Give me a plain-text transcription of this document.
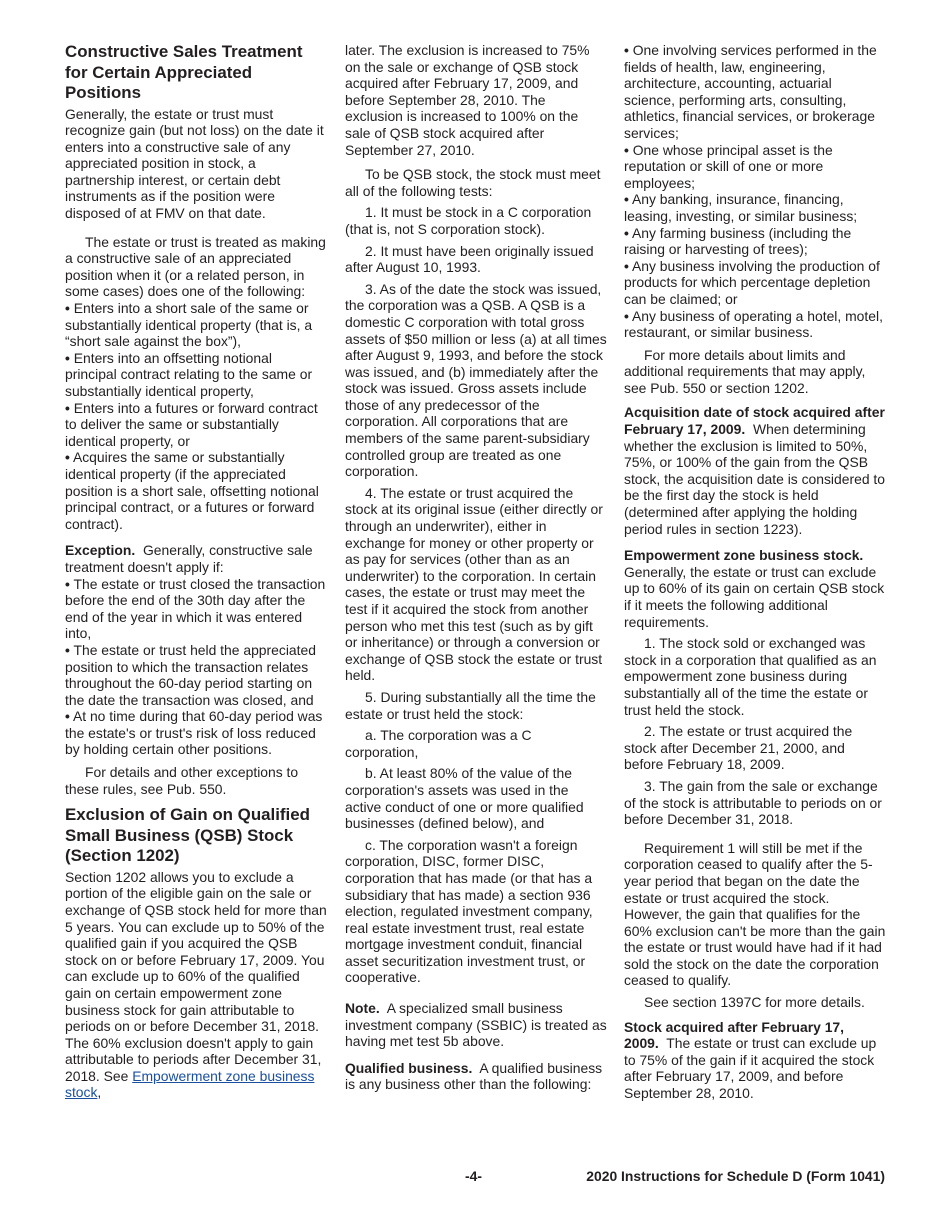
Constructive Sales Treatment for Certain Appreciated Positions

Generally, the estate or trust must recognize gain (but not loss) on the date it enters into a constructive sale of any appreciated position in stock, a partnership interest, or certain debt instruments as if the position were disposed of at FMV on that date.

The estate or trust is treated as making a constructive sale of an appreciated position when it (or a related person, in some cases) does one of the following:

• Enters into a short sale of the same or substantially identical property (that is, a “short sale against the box”),

• Enters into an offsetting notional principal contract relating to the same or substantially identical property,

• Enters into a futures or forward contract to deliver the same or substantially identical property, or

• Acquires the same or substantially identical property (if the appreciated position is a short sale, offsetting notional principal contract, or a futures or forward contract).

Exception. Generally, constructive sale treatment doesn't apply if:

• The estate or trust closed the transaction before the end of the 30th day after the end of the year in which it was entered into,

• The estate or trust held the appreciated position to which the transaction relates throughout the 60-day period starting on the date the transaction was closed, and

• At no time during that 60-day period was the estate's or trust's risk of loss reduced by holding certain other positions.

For details and other exceptions to these rules, see Pub. 550.

Exclusion of Gain on Qualified Small Business (QSB) Stock (Section 1202)

Section 1202 allows you to exclude a portion of the eligible gain on the sale or exchange of QSB stock held for more than 5 years. You can exclude up to 50% of the qualified gain if you acquired the QSB stock on or before February 17, 2009. You can exclude up to 60% of the qualified gain on certain empowerment zone business stock for gain attributable to periods on or before December 31, 2018. The 60% exclusion doesn't apply to gain attributable to periods after December 31, 2018. See Empowerment zone business stock,

later. The exclusion is increased to 75% on the sale or exchange of QSB stock acquired after February 17, 2009, and before September 28, 2010. The exclusion is increased to 100% on the sale of QSB stock acquired after September 27, 2010.

To be QSB stock, the stock must meet all of the following tests:

1. It must be stock in a C corporation (that is, not S corporation stock).

2. It must have been originally issued after August 10, 1993.

3. As of the date the stock was issued, the corporation was a QSB. A QSB is a domestic C corporation with total gross assets of $50 million or less (a) at all times after August 9, 1993, and before the stock was issued, and (b) immediately after the stock was issued. Gross assets include those of any predecessor of the corporation. All corporations that are members of the same parent-subsidiary controlled group are treated as one corporation.

4. The estate or trust acquired the stock at its original issue (either directly or through an underwriter), either in exchange for money or other property or as pay for services (other than as an underwriter) to the corporation. In certain cases, the estate or trust may meet the test if it acquired the stock from another person who met this test (such as by gift or inheritance) or through a conversion or exchange of QSB stock the estate or trust held.

5. During substantially all the time the estate or trust held the stock:

a. The corporation was a C corporation,

b. At least 80% of the value of the corporation's assets was used in the active conduct of one or more qualified businesses (defined below), and

c. The corporation wasn't a foreign corporation, DISC, former DISC, corporation that has made (or that has a subsidiary that has made) a section 936 election, regulated investment company, real estate investment trust, real estate mortgage investment conduit, financial asset securitization investment trust, or cooperative.

Note. A specialized small business investment company (SSBIC) is treated as having met test 5b above.

Qualified business. A qualified business is any business other than the following:

• One involving services performed in the fields of health, law, engineering, architecture, accounting, actuarial science, performing arts, consulting, athletics, financial services, or brokerage services;

• One whose principal asset is the reputation or skill of one or more employees;

• Any banking, insurance, financing, leasing, investing, or similar business;

• Any farming business (including the raising or harvesting of trees);

• Any business involving the production of products for which percentage depletion can be claimed; or

• Any business of operating a hotel, motel, restaurant, or similar business.

For more details about limits and additional requirements that may apply, see Pub. 550 or section 1202.

Acquisition date of stock acquired after February 17, 2009. When determining whether the exclusion is limited to 50%, 75%, or 100% of the gain from the QSB stock, the acquisition date is considered to be the first day the stock is held (determined after applying the holding period rules in section 1223).

Empowerment zone business stock. Generally, the estate or trust can exclude up to 60% of its gain on certain QSB stock if it meets the following additional requirements.

1. The stock sold or exchanged was stock in a corporation that qualified as an empowerment zone business during substantially all of the time the estate or trust held the stock.

2. The estate or trust acquired the stock after December 21, 2000, and before February 18, 2009.

3. The gain from the sale or exchange of the stock is attributable to periods on or before December 31, 2018.

Requirement 1 will still be met if the corporation ceased to qualify after the 5-year period that began on the date the estate or trust acquired the stock. However, the gain that qualifies for the 60% exclusion can't be more than the gain the estate or trust would have had if it had sold the stock on the date the corporation ceased to qualify.

See section 1397C for more details.

Stock acquired after February 17, 2009. The estate or trust can exclude up to 75% of the gain if it acquired the stock after February 17, 2009, and before September 28, 2010.

-4-	2020 Instructions for Schedule D (Form 1041)
